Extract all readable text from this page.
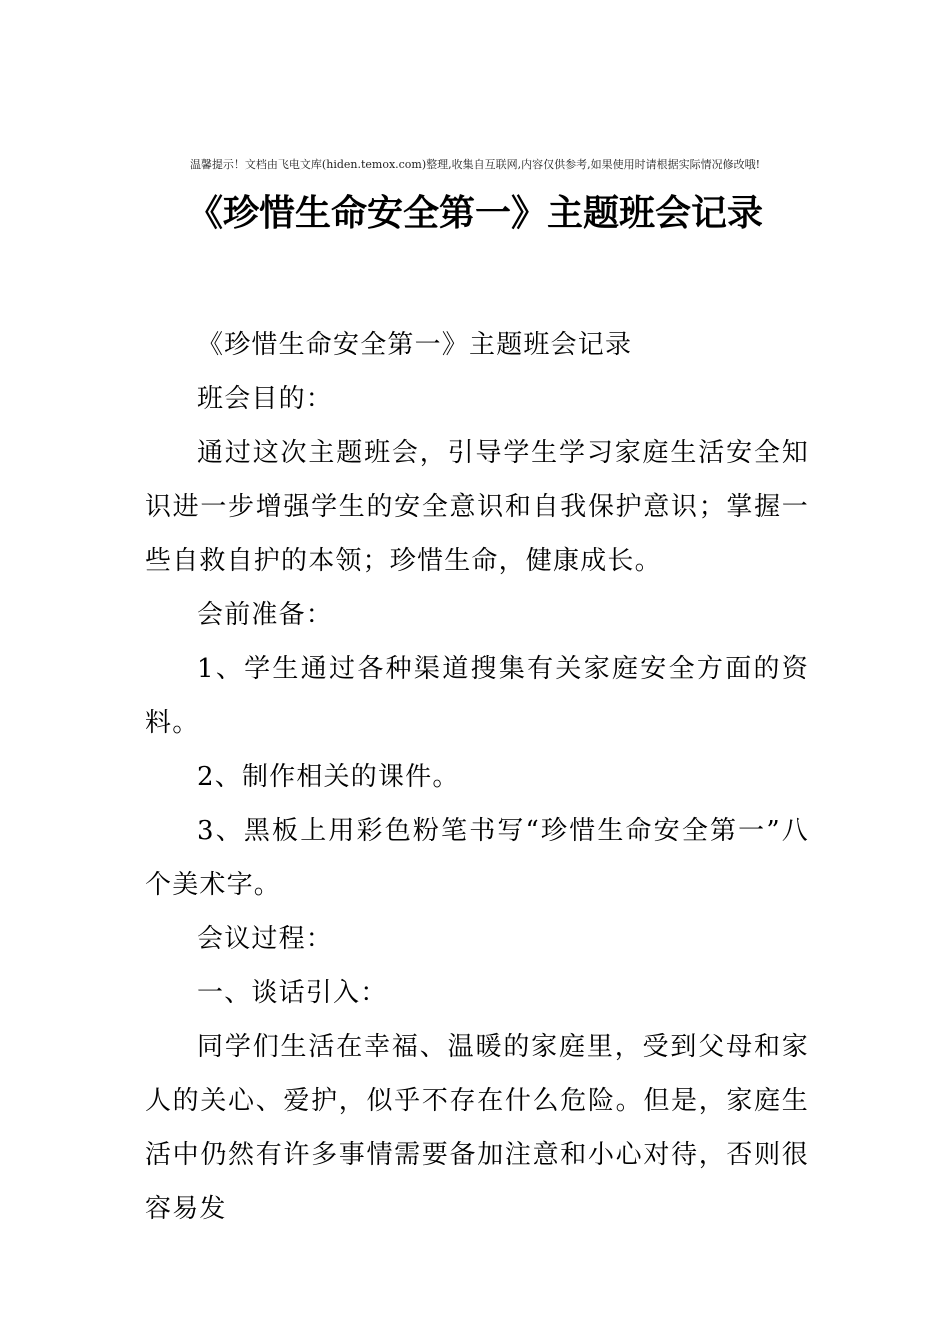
温馨提示！文档由飞电文库(hiden.temox.com)整理,收集自互联网,内容仅供参考,如果使用时请根据实际情况修改哦!
《珍惜生命安全第一》主题班会记录

《珍惜生命安全第一》主题班会记录

班会目的：

通过这次主题班会，引导学生学习家庭生活安全知识进一步增强学生的安全意识和自我保护意识；掌握一些自救自护的本领；珍惜生命，健康成长。

会前准备：

1、学生通过各种渠道搜集有关家庭安全方面的资料。

2、制作相关的课件。

3、黑板上用彩色粉笔书写“珍惜生命安全第一”八个美术字。

会议过程：

一、谈话引入：

同学们生活在幸福、温暖的家庭里，受到父母和家人的关心、爱护，似乎不存在什么危险。但是，家庭生活中仍然有许多事情需要备加注意和小心对待，否则很容易发
